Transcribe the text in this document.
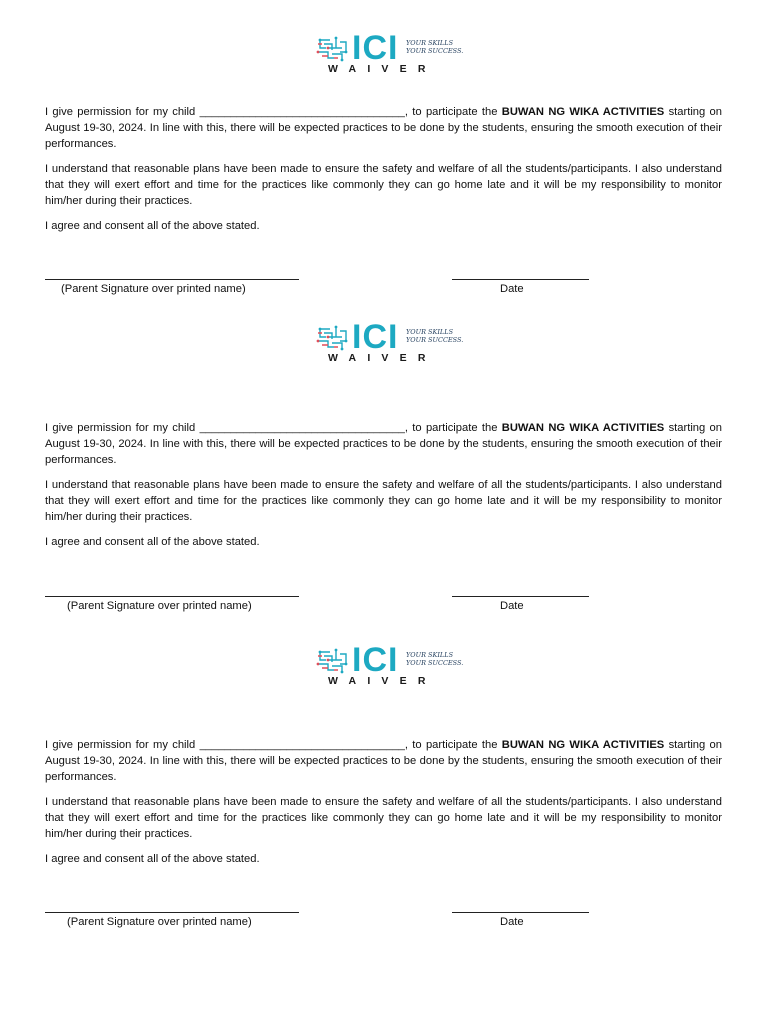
ICI YOUR SKILLS
YOUR SUCCESS.
WAIVER

I give permission for my child _________________________________, to participate the BUWAN NG WIKA ACTIVITIES starting on August 19-30, 2024. In line with this, there will be expected practices to be done by the students, ensuring the smooth execution of their performances.

I understand that reasonable plans have been made to ensure the safety and welfare of all the students/participants. I also understand that they will exert effort and time for the practices like commonly they can go home late and it will be my responsibility to monitor him/her during their practices.

I agree and consent all of the above stated.

(Parent Signature over printed name)	Date
ICI YOUR SKILLS
YOUR SUCCESS.
WAIVER

I give permission for my child _________________________________, to participate the BUWAN NG WIKA ACTIVITIES starting on August 19-30, 2024. In line with this, there will be expected practices to be done by the students, ensuring the smooth execution of their performances.

I understand that reasonable plans have been made to ensure the safety and welfare of all the students/participants. I also understand that they will exert effort and time for the practices like commonly they can go home late and it will be my responsibility to monitor him/her during their practices.

I agree and consent all of the above stated.

(Parent Signature over printed name)	Date
ICI YOUR SKILLS
YOUR SUCCESS.
WAIVER

I give permission for my child _________________________________, to participate the BUWAN NG WIKA ACTIVITIES starting on August 19-30, 2024. In line with this, there will be expected practices to be done by the students, ensuring the smooth execution of their performances.

I understand that reasonable plans have been made to ensure the safety and welfare of all the students/participants. I also understand that they will exert effort and time for the practices like commonly they can go home late and it will be my responsibility to monitor him/her during their practices.

I agree and consent all of the above stated.

(Parent Signature over printed name)	Date
